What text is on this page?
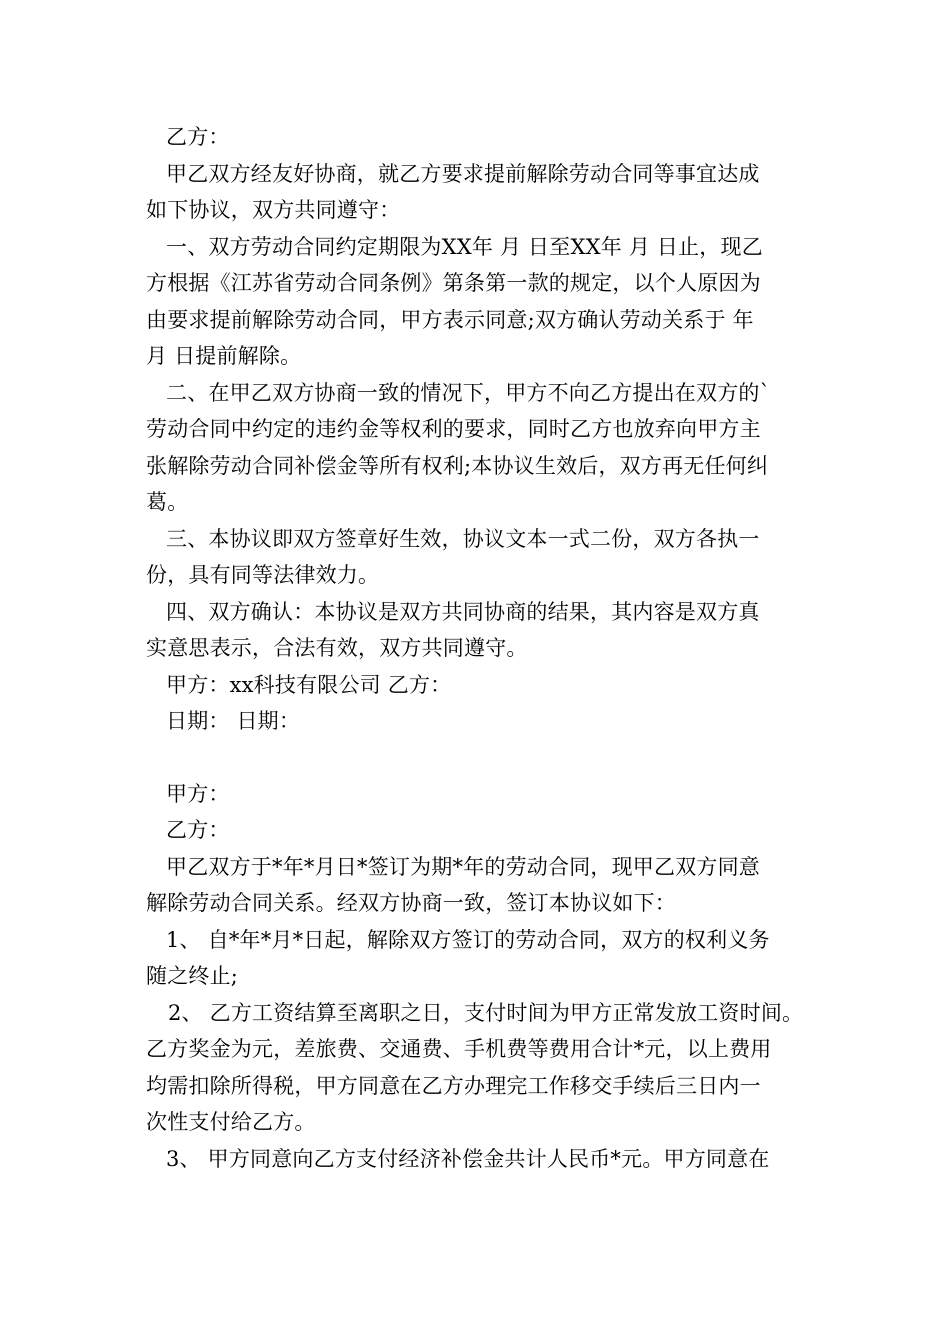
乙方：
甲乙双方经友好协商，就乙方要求提前解除劳动合同等事宜达成
如下协议，双方共同遵守：
一、双方劳动合同约定期限为XX年 月 日至XX年 月 日止，现乙
方根据《江苏省劳动合同条例》第条第一款的规定，以个人原因为
由要求提前解除劳动合同，甲方表示同意;双方确认劳动关系于 年
月 日提前解除。
二、在甲乙双方协商一致的情况下，甲方不向乙方提出在双方的`
劳动合同中约定的违约金等权利的要求，同时乙方也放弃向甲方主
张解除劳动合同补偿金等所有权利;本协议生效后，双方再无任何纠
葛。
三、本协议即双方签章好生效，协议文本一式二份，双方各执一
份，具有同等法律效力。
四、双方确认：本协议是双方共同协商的结果，其内容是双方真
实意思表示，合法有效，双方共同遵守。
甲方：xx科技有限公司 乙方：
日期： 日期：
甲方：
乙方：
甲乙双方于*年*月日*签订为期*年的劳动合同，现甲乙双方同意
解除劳动合同关系。经双方协商一致，签订本协议如下：
1、 自*年*月*日起，解除双方签订的劳动合同，双方的权利义务
随之终止;
2、 乙方工资结算至离职之日，支付时间为甲方正常发放工资时间。
乙方奖金为元，差旅费、交通费、手机费等费用合计*元，以上费用
均需扣除所得税，甲方同意在乙方办理完工作移交手续后三日内一
次性支付给乙方。
3、 甲方同意向乙方支付经济补偿金共计人民币*元。甲方同意在
